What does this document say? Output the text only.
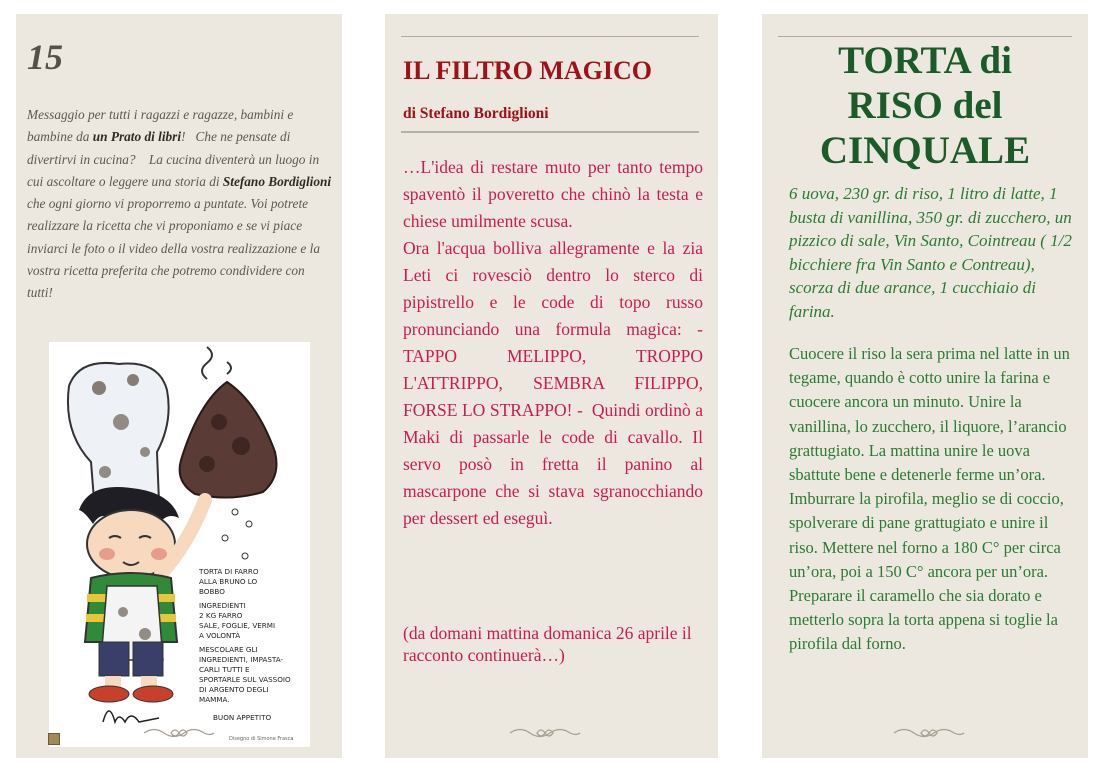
15

Messaggio per tutti i ragazzi e ragazze, bambini e bambine da un Prato di libri!   Che ne pensate di divertirvi in cucina?    La cucina diventerà un luogo in cui ascoltare o leggere una storia di Stefano Bordiglioni che ogni giorno vi proporremo a puntate. Voi potrete realizzare la ricetta che vi proponiamo e se vi piace inviarci le foto o il video della vostra realizzazione e la vostra ricetta preferita che potremo condividere con tutti!

TORTA DI FARRO
ALLA BRUNO LO
BOBBO
INGREDIENTI
2 KG FARRO
SALE, FOGLIE, VERMI
A VOLONTÀ
MESCOLARE GLI
INGREDIENTI, IMPASTA-
CARLI TUTTI E
SPORTARLE SUL VASSOIO
DI ARGENTO DEGLI
MAMMA.
BUON APPETITO
Disegno di Simone Frasca
IL FILTRO MAGICO
di Stefano Bordiglioni

…L'idea di restare muto per tanto tempo spaventò il poveretto che chinò la testa e chiese umilmente scusa.

Ora l'acqua bolliva allegramente e la zia Leti ci rovesciò dentro lo sterco di pipistrello e le code di topo russo pronunciando una formula magica: - TAPPO MELIPPO, TROPPO L'ATTRIPPO, SEMBRA FILIPPO, FORSE LO STRAPPO! -  Quindi ordinò a Maki di passarle le code di cavallo. Il servo posò in fretta il panino al mascarpone che si stava sgranocchiando per dessert ed eseguì.

(da domani mattina domanica 26 aprile il racconto continuerà…)

TORTA di
RISO del
CINQUALE

6 uova, 230 gr. di riso, 1 litro di latte, 1 busta di vanillina, 350 gr. di zucchero, un pizzico di sale, Vin Santo, Cointreau ( 1/2 bicchiere fra Vin Santo e Contreau), scorza di due arance, 1 cucchiaio di farina.

Cuocere il riso la sera prima nel latte in un tegame, quando è cotto unire la farina e cuocere ancora un minuto. Unire la vanillina, lo zucchero, il liquore, l’arancio grattugiato. La mattina unire le uova sbattute bene e detenerle ferme un’ora. Imburrare la pirofila, meglio se di coccio, spolverare di pane grattugiato e unire il riso. Mettere nel forno a 180 C° per circa un’ora, poi a 150 C° ancora per un’ora. Preparare il caramello che sia dorato e metterlo sopra la torta appena si toglie la pirofila dal forno.
